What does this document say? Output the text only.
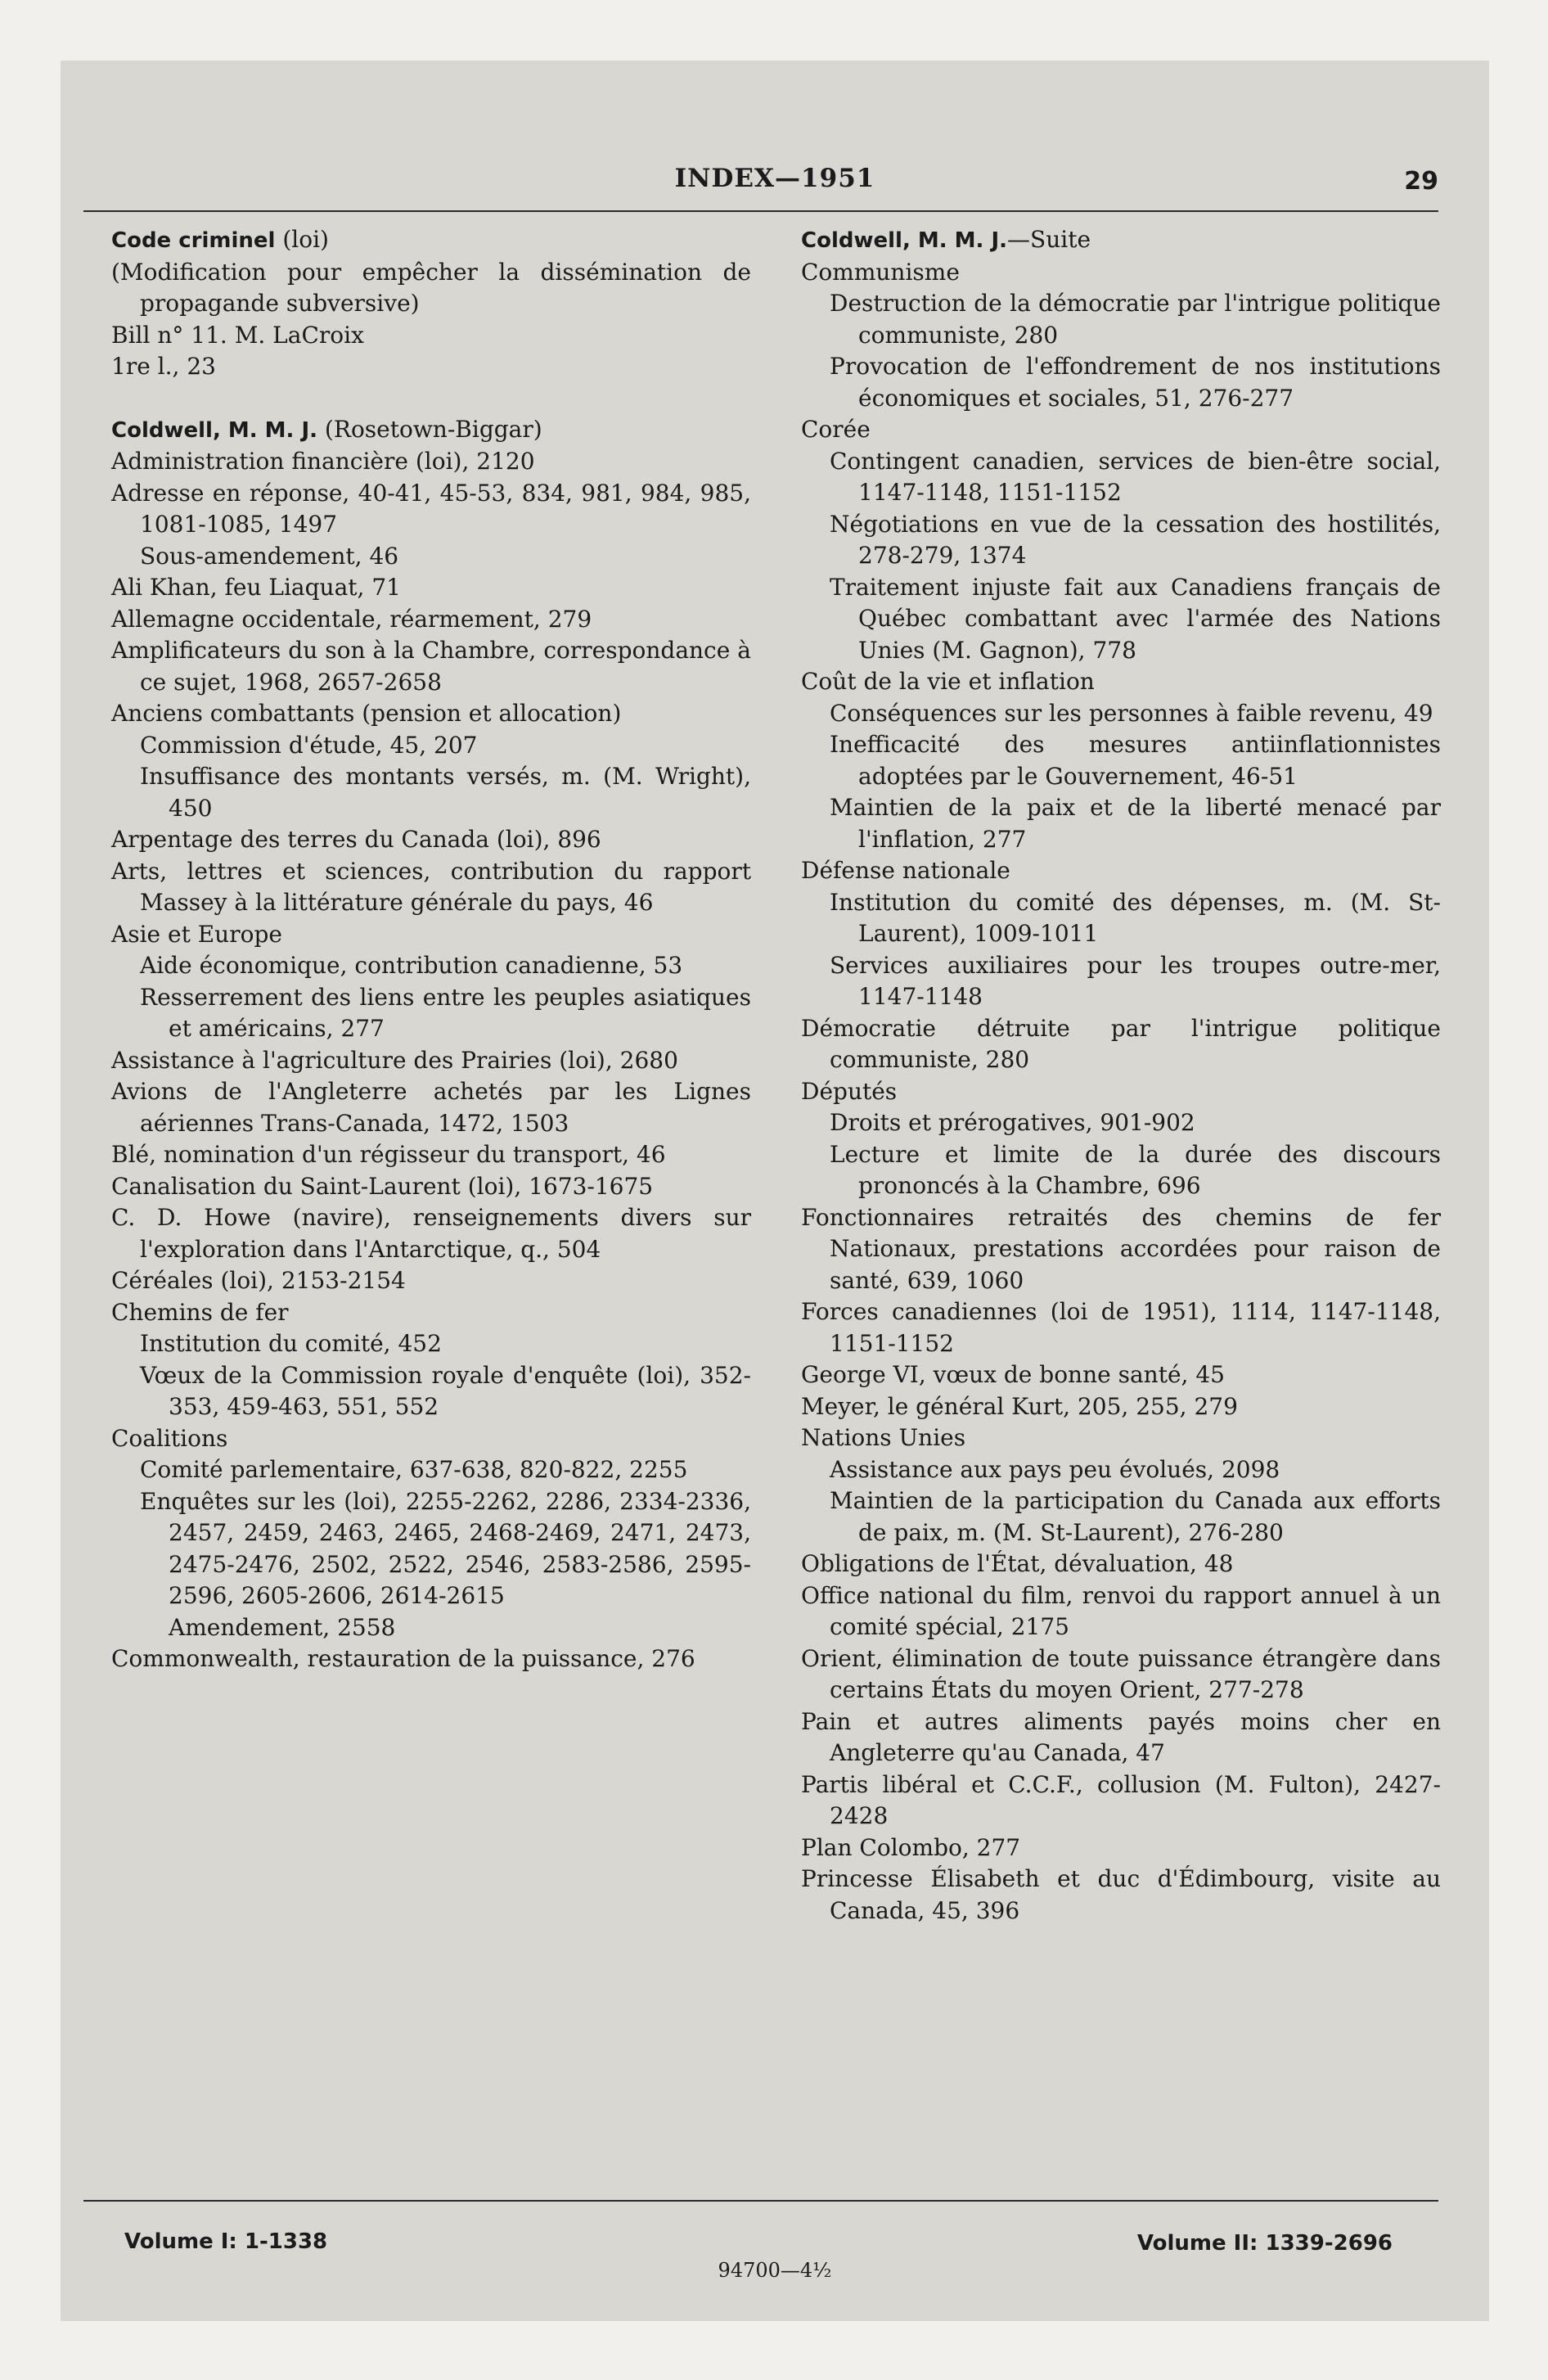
INDEX—1951	29

Code criminel (loi)

(Modification pour empêcher la dissémination de propagande subversive)

Bill n° 11. M. LaCroix

1re l., 23

Coldwell, M. M. J. (Rosetown-Biggar)

Administration financière (loi), 2120

Adresse en réponse, 40-41, 45-53, 834, 981, 984, 985, 1081-1085, 1497

Sous-amendement, 46

Ali Khan, feu Liaquat, 71

Allemagne occidentale, réarmement, 279

Amplificateurs du son à la Chambre, correspondance à ce sujet, 1968, 2657-2658

Anciens combattants (pension et allocation)

Commission d'étude, 45, 207

Insuffisance des montants versés, m. (M. Wright), 450

Arpentage des terres du Canada (loi), 896

Arts, lettres et sciences, contribution du rapport Massey à la littérature générale du pays, 46

Asie et Europe

Aide économique, contribution canadienne, 53

Resserrement des liens entre les peuples asiatiques et américains, 277

Assistance à l'agriculture des Prairies (loi), 2680

Avions de l'Angleterre achetés par les Lignes aériennes Trans-Canada, 1472, 1503

Blé, nomination d'un régisseur du transport, 46

Canalisation du Saint-Laurent (loi), 1673-1675

C. D. Howe (navire), renseignements divers sur l'exploration dans l'Antarctique, q., 504

Céréales (loi), 2153-2154

Chemins de fer

Institution du comité, 452

Vœux de la Commission royale d'enquête (loi), 352-353, 459-463, 551, 552

Coalitions

Comité parlementaire, 637-638, 820-822, 2255

Enquêtes sur les (loi), 2255-2262, 2286, 2334-2336, 2457, 2459, 2463, 2465, 2468-2469, 2471, 2473, 2475-2476, 2502, 2522, 2546, 2583-2586, 2595-2596, 2605-2606, 2614-2615

Amendement, 2558

Commonwealth, restauration de la puissance, 276

Coldwell, M. M. J.—Suite

Communisme

Destruction de la démocratie par l'intrigue politique communiste, 280

Provocation de l'effondrement de nos institutions économiques et sociales, 51, 276-277

Corée

Contingent canadien, services de bien-être social, 1147-1148, 1151-1152

Négotiations en vue de la cessation des hostilités, 278-279, 1374

Traitement injuste fait aux Canadiens français de Québec combattant avec l'armée des Nations Unies (M. Gagnon), 778

Coût de la vie et inflation

Conséquences sur les personnes à faible revenu, 49

Inefficacité des mesures antiinflationnistes adoptées par le Gouvernement, 46-51

Maintien de la paix et de la liberté menacé par l'inflation, 277

Défense nationale

Institution du comité des dépenses, m. (M. St-Laurent), 1009-1011

Services auxiliaires pour les troupes outre-mer, 1147-1148

Démocratie détruite par l'intrigue politique communiste, 280

Députés

Droits et prérogatives, 901-902

Lecture et limite de la durée des discours prononcés à la Chambre, 696

Fonctionnaires retraités des chemins de fer Nationaux, prestations accordées pour raison de santé, 639, 1060

Forces canadiennes (loi de 1951), 1114, 1147-1148, 1151-1152

George VI, vœux de bonne santé, 45

Meyer, le général Kurt, 205, 255, 279

Nations Unies

Assistance aux pays peu évolués, 2098

Maintien de la participation du Canada aux efforts de paix, m. (M. St-Laurent), 276-280

Obligations de l'État, dévaluation, 48

Office national du film, renvoi du rapport annuel à un comité spécial, 2175

Orient, élimination de toute puissance étrangère dans certains États du moyen Orient, 277-278

Pain et autres aliments payés moins cher en Angleterre qu'au Canada, 47

Partis libéral et C.C.F., collusion (M. Fulton), 2427-2428

Plan Colombo, 277

Princesse Élisabeth et duc d'Édimbourg, visite au Canada, 45, 396

Volume I: 1-1338
94700—4½
Volume II: 1339-2696
